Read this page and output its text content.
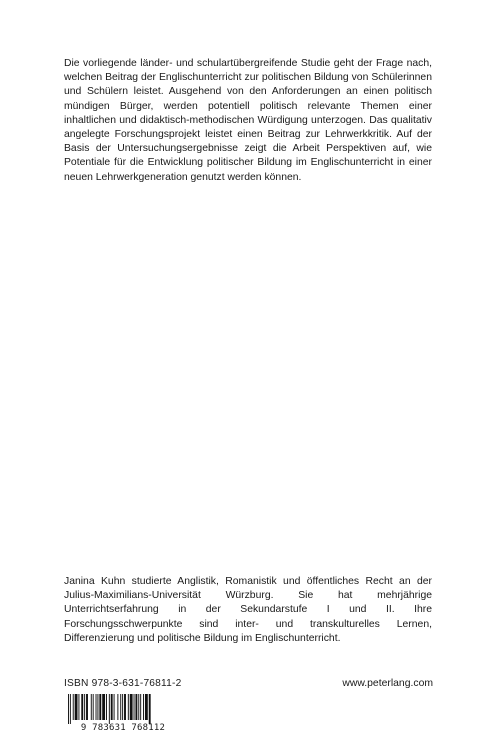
Die vorliegende länder- und schulartübergreifende Studie geht der Frage nach, welchen Beitrag der Englischunterricht zur politischen Bildung von Schülerinnen und Schülern leistet. Ausgehend von den Anforderungen an einen politisch mündigen Bürger, werden potentiell politisch relevante Themen einer inhaltlichen und didaktisch-methodischen Würdigung unterzogen. Das qualitativ angelegte Forschungsprojekt leistet einen Beitrag zur Lehrwerkkritik. Auf der Basis der Untersuchungsergebnisse zeigt die Arbeit Perspektiven auf, wie Potentiale für die Entwicklung politischer Bildung im Englischunterricht in einer neuen Lehrwerkgeneration genutzt werden können.

Janina Kuhn studierte Anglistik, Romanistik und öffentliches Recht an der Julius-Maximilians-Universität Würzburg. Sie hat mehrjährige Unterrichtserfahrung in der Sekundarstufe I und II. Ihre Forschungsschwerpunkte sind inter- und transkulturelles Lernen, Differenzierung und politische Bildung im Englischunterricht.

ISBN 978-3-631-76811-2
9 783631 768112
www.peterlang.com
